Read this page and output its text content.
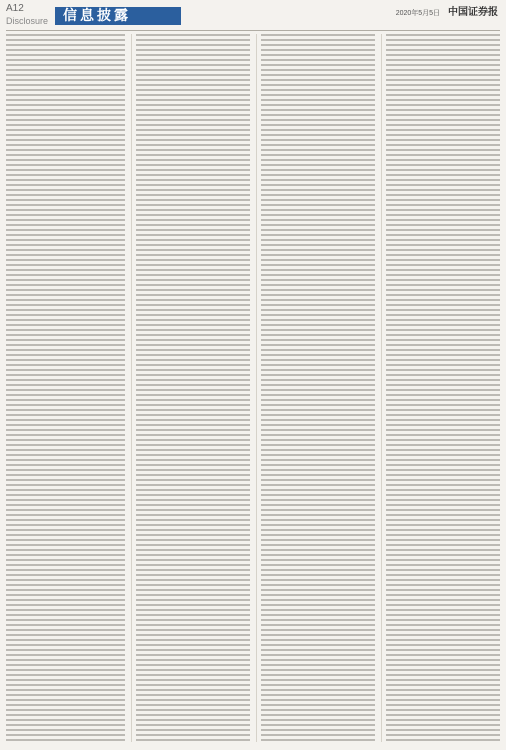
A12
Disclosure	信息披露	2020年5月5日 中国证券报
